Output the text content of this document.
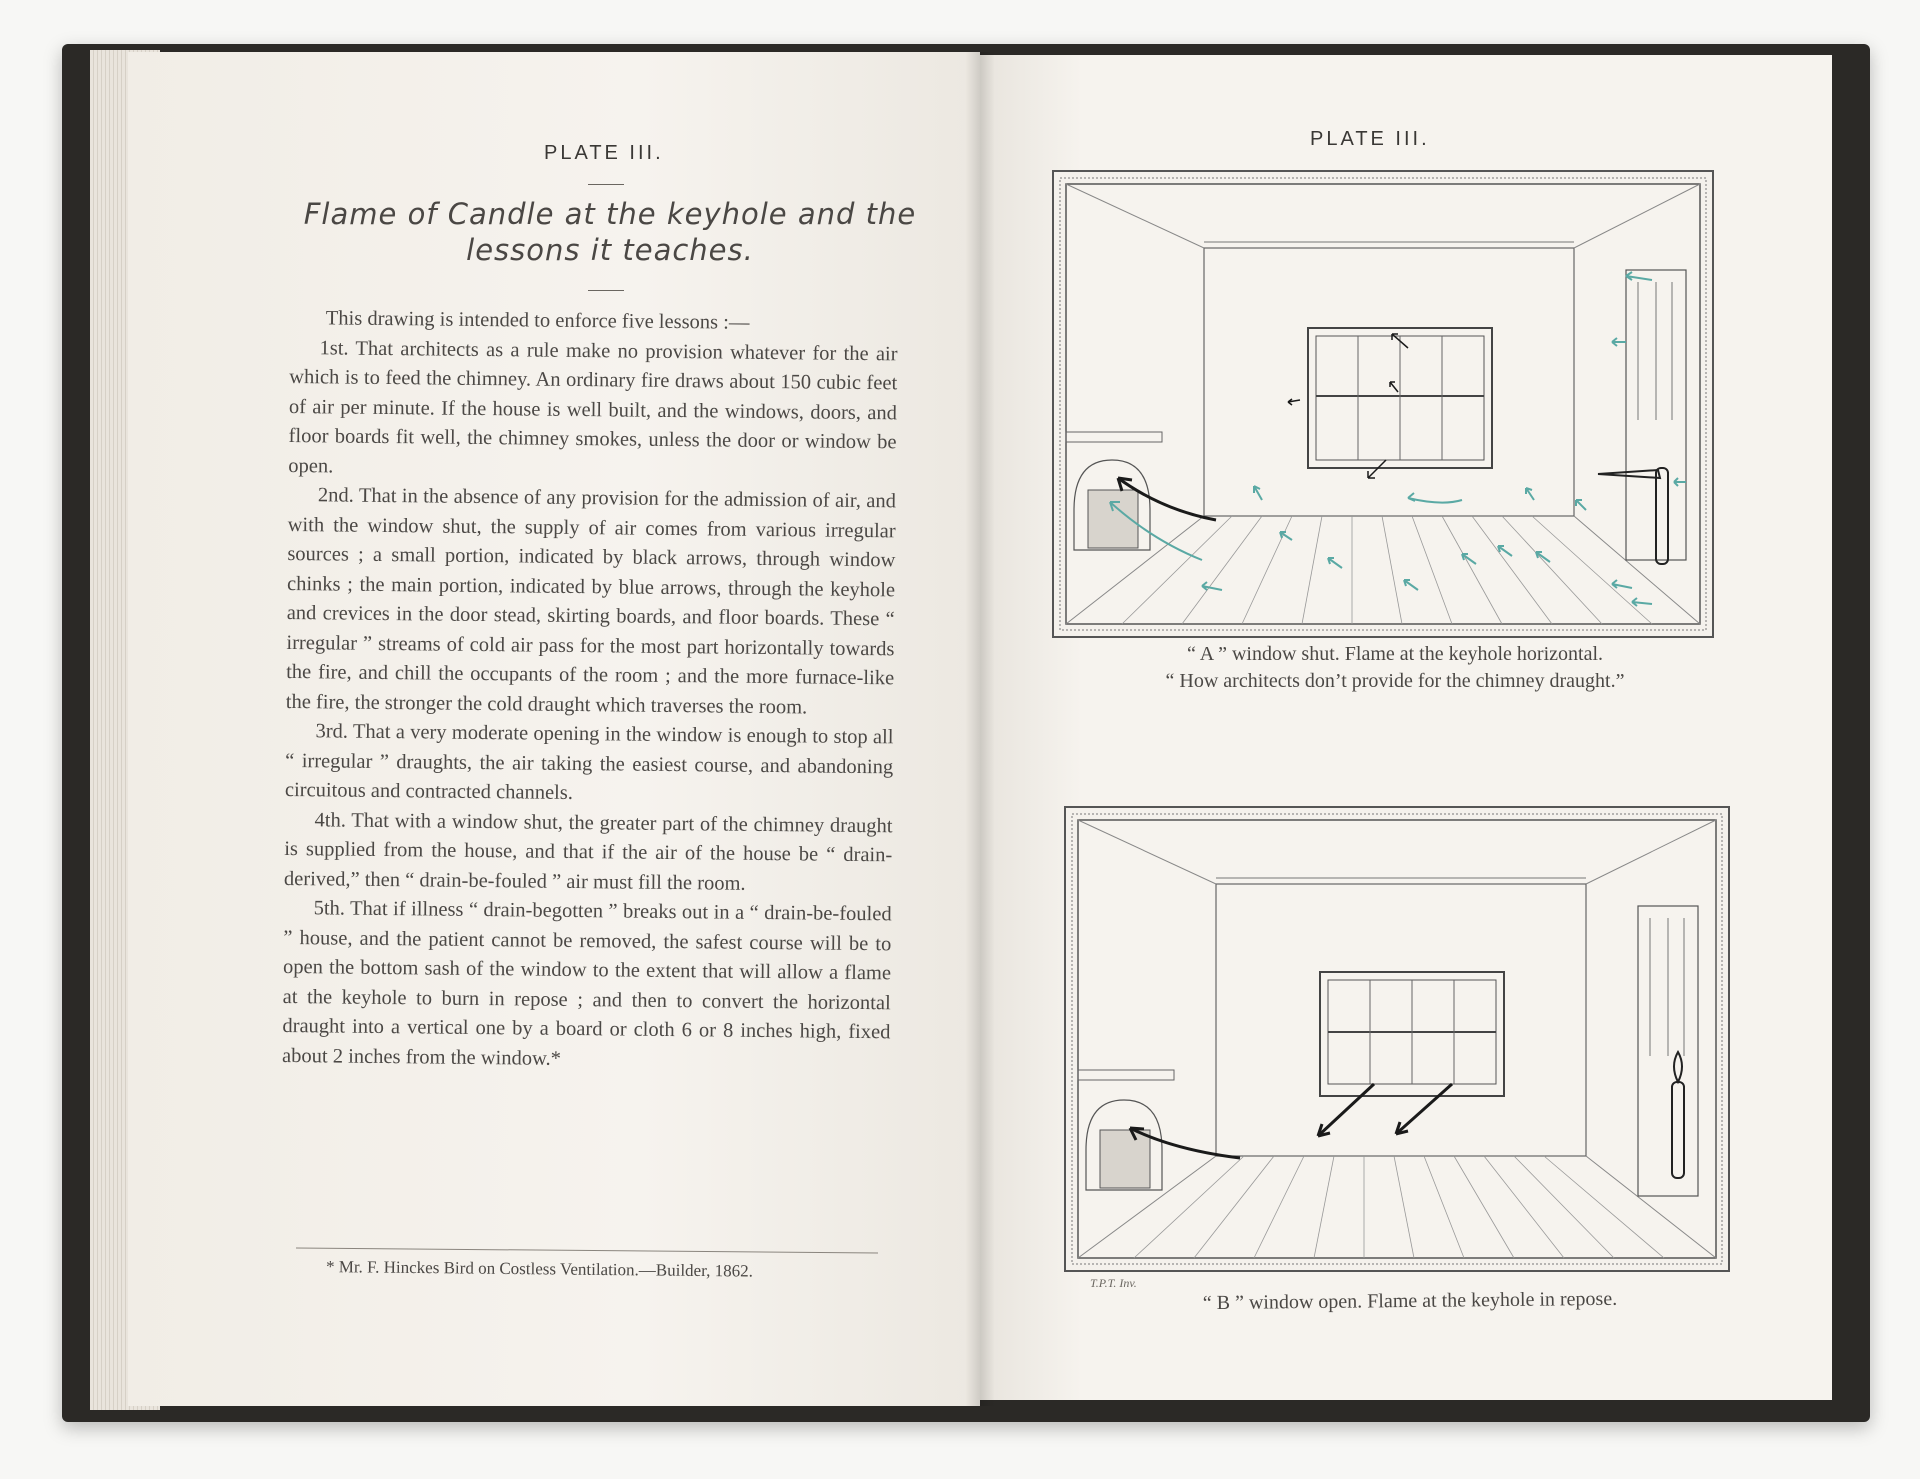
PLATE III.
Flame of Candle at the keyhole and the
lessons it teaches.

This drawing is intended to enforce five lessons :—

1st. That architects as a rule make no provision whatever for the air which is to feed the chimney. An ordinary fire draws about 150 cubic feet of air per minute. If the house is well built, and the windows, doors, and floor boards fit well, the chimney smokes, unless the door or window be open.

2nd. That in the absence of any provision for the admission of air, and with the window shut, the supply of air comes from various irregular sources ; a small portion, indicated by black arrows, through window chinks ; the main portion, indicated by blue arrows, through the keyhole and crevices in the door stead, skirting boards, and floor boards. These “ irregular ” streams of cold air pass for the most part horizontally towards the fire, and chill the occupants of the room ; and the more furnace-like the fire, the stronger the cold draught which traverses the room.

3rd. That a very moderate opening in the window is enough to stop all “ irregular ” draughts, the air taking the easiest course, and abandoning circuitous and contracted channels.

4th. That with a window shut, the greater part of the chimney draught is supplied from the house, and that if the air of the house be “ drain-derived,” then “ drain-be-fouled ” air must fill the room.

5th. That if illness “ drain-begotten ” breaks out in a “ drain-be-fouled ” house, and the patient cannot be removed, the safest course will be to open the bottom sash of the window to the extent that will allow a flame at the keyhole to burn in repose ; and then to convert the horizontal draught into a vertical one by a board or cloth 6 or 8 inches high, fixed about 2 inches from the window.*

* Mr. F. Hinckes Bird on Costless Ventilation.—Builder, 1862.
PLATE III.
“ A ” window shut. Flame at the keyhole horizontal.
“ How architects don’t provide for the chimney draught.”
T.P.T. Inv.
“ B ” window open. Flame at the keyhole in repose.
